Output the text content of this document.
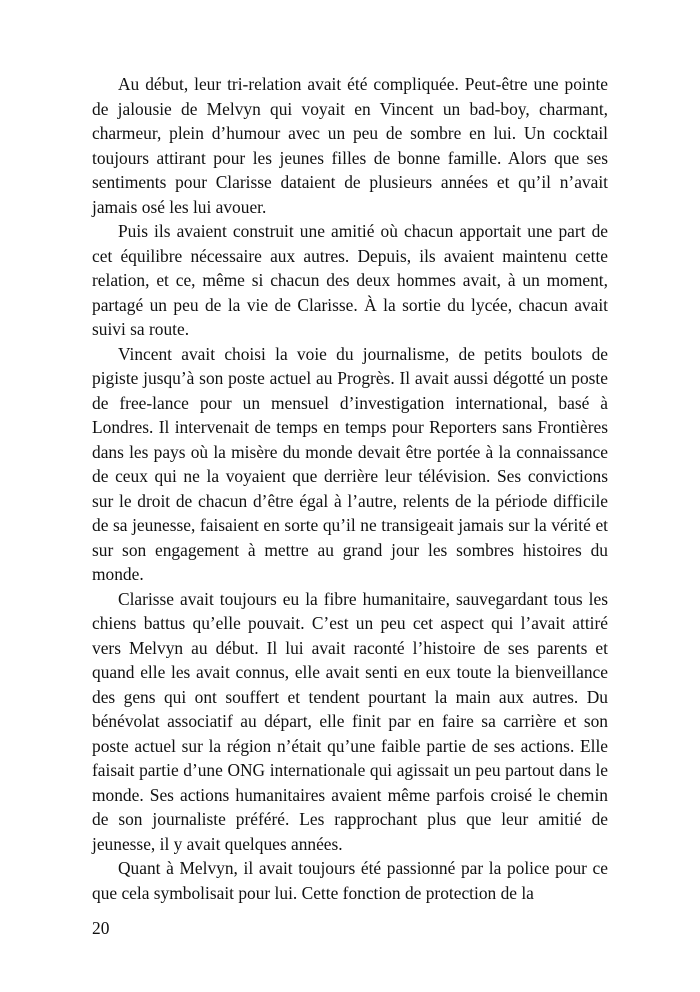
Au début, leur tri-relation avait été compliquée. Peut-être une pointe de jalousie de Melvyn qui voyait en Vincent un bad-boy, charmant, charmeur, plein d’humour avec un peu de sombre en lui. Un cocktail toujours attirant pour les jeunes filles de bonne famille. Alors que ses sentiments pour Clarisse dataient de plusieurs années et qu’il n’avait jamais osé les lui avouer.

Puis ils avaient construit une amitié où chacun apportait une part de cet équilibre nécessaire aux autres. Depuis, ils avaient maintenu cette relation, et ce, même si chacun des deux hommes avait, à un moment, partagé un peu de la vie de Clarisse. À la sortie du lycée, chacun avait suivi sa route.

Vincent avait choisi la voie du journalisme, de petits boulots de pigiste jusqu’à son poste actuel au Progrès. Il avait aussi dégotté un poste de free-lance pour un mensuel d’investigation international, basé à Londres. Il intervenait de temps en temps pour Reporters sans Frontières dans les pays où la misère du monde devait être portée à la connaissance de ceux qui ne la voyaient que derrière leur télévision. Ses convictions sur le droit de chacun d’être égal à l’autre, relents de la période difficile de sa jeunesse, faisaient en sorte qu’il ne transigeait jamais sur la vérité et sur son engagement à mettre au grand jour les sombres histoires du monde.

Clarisse avait toujours eu la fibre humanitaire, sauvegardant tous les chiens battus qu’elle pouvait. C’est un peu cet aspect qui l’avait attiré vers Melvyn au début. Il lui avait raconté l’histoire de ses parents et quand elle les avait connus, elle avait senti en eux toute la bienveillance des gens qui ont souffert et tendent pourtant la main aux autres. Du bénévolat associatif au départ, elle finit par en faire sa carrière et son poste actuel sur la région n’était qu’une faible partie de ses actions. Elle faisait partie d’une ONG internationale qui agissait un peu partout dans le monde. Ses actions humanitaires avaient même parfois croisé le chemin de son journaliste préféré. Les rapprochant plus que leur amitié de jeunesse, il y avait quelques années.

Quant à Melvyn, il avait toujours été passionné par la police pour ce que cela symbolisait pour lui. Cette fonction de protection de la

20
